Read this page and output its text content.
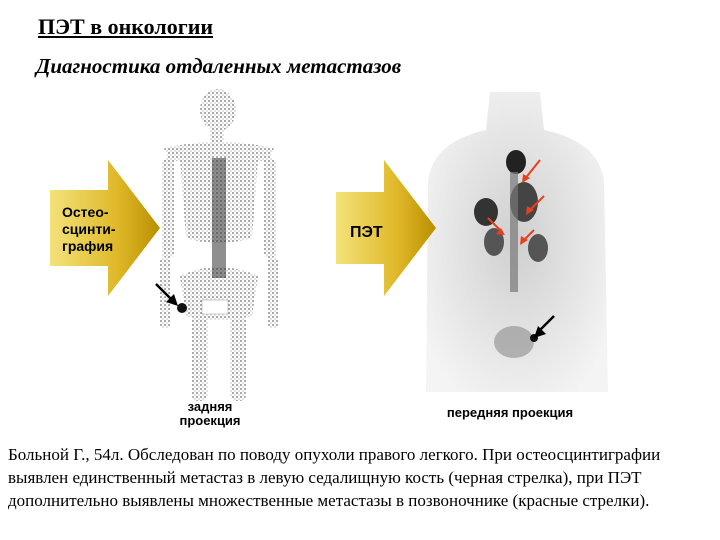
ПЭТ в онкологии
Диагностика отдаленных метастазов
Остео-
сцинти-
графия
задняя
проекция
ПЭТ
передняя проекция
Больной Г., 54л. Обследован по поводу опухоли правого легкого. При остеосцинтиграфии выявлен единственный метастаз в левую седалищную кость (черная стрелка), при ПЭТ дополнительно выявлены множественные метастазы в позвоночнике (красные стрелки).
